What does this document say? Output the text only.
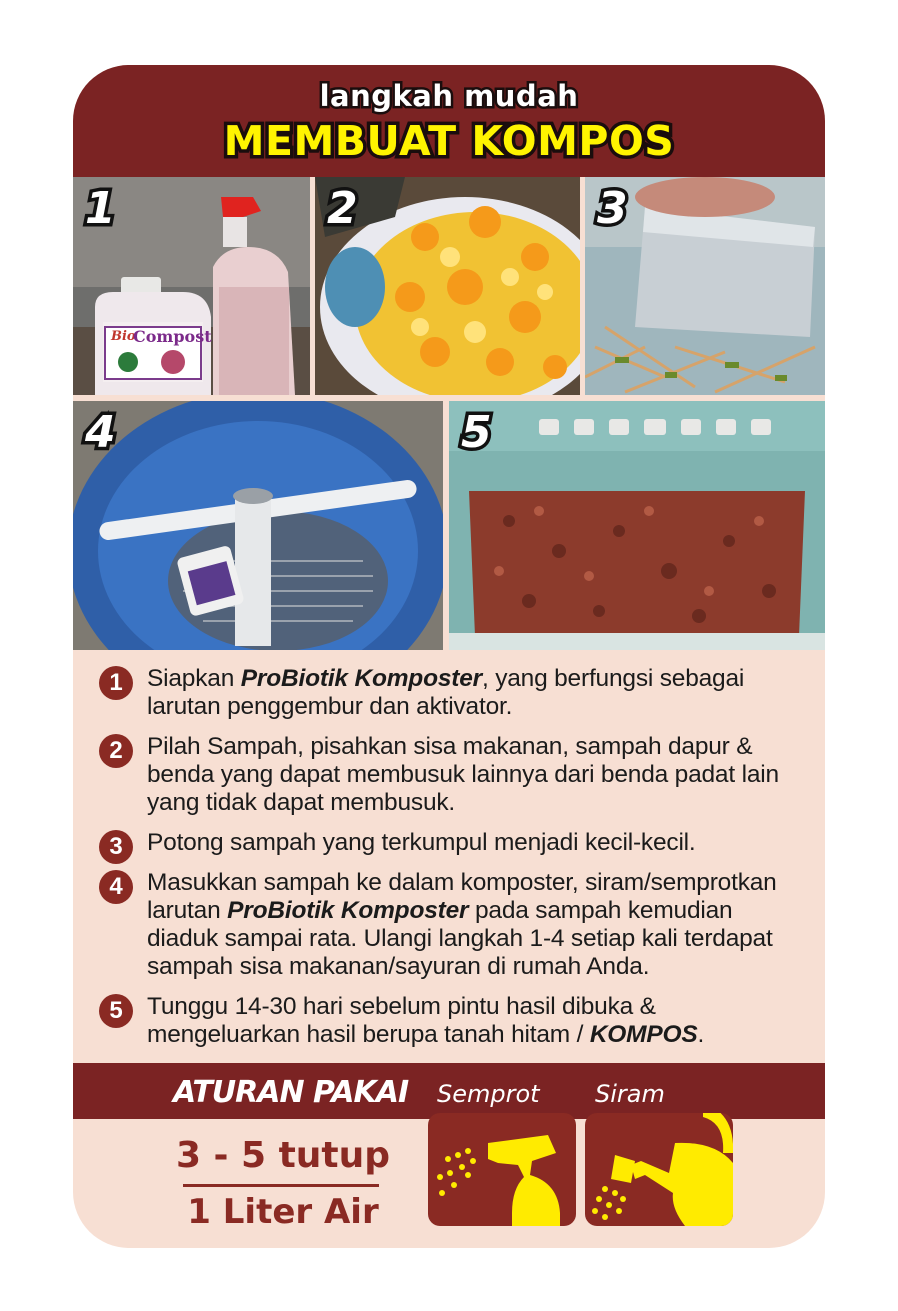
langkah mudah
MEMBUAT KOMPOS
Bio
Compost
1	2	3
4	5
1 Siapkan ProBiotik Komposter, yang berfungsi sebagai larutan penggembur dan aktivator.
2 Pilah Sampah, pisahkan sisa makanan, sampah dapur & benda yang dapat membusuk lainnya dari benda padat lain yang tidak dapat membusuk.
3 Potong sampah yang terkumpul menjadi kecil-kecil.
4 Masukkan sampah ke dalam komposter, siram/semprotkan larutan ProBiotik Komposter pada sampah kemudian diaduk sampai rata. Ulangi langkah 1-4 setiap kali terdapat sampah sisa makanan/sayuran di rumah Anda.
5 Tunggu 14-30 hari sebelum pintu hasil dibuka & mengeluarkan hasil berupa tanah hitam / KOMPOS.
ATURAN PAKAI
3 - 5 tutup
1 Liter Air
Semprot Siram
